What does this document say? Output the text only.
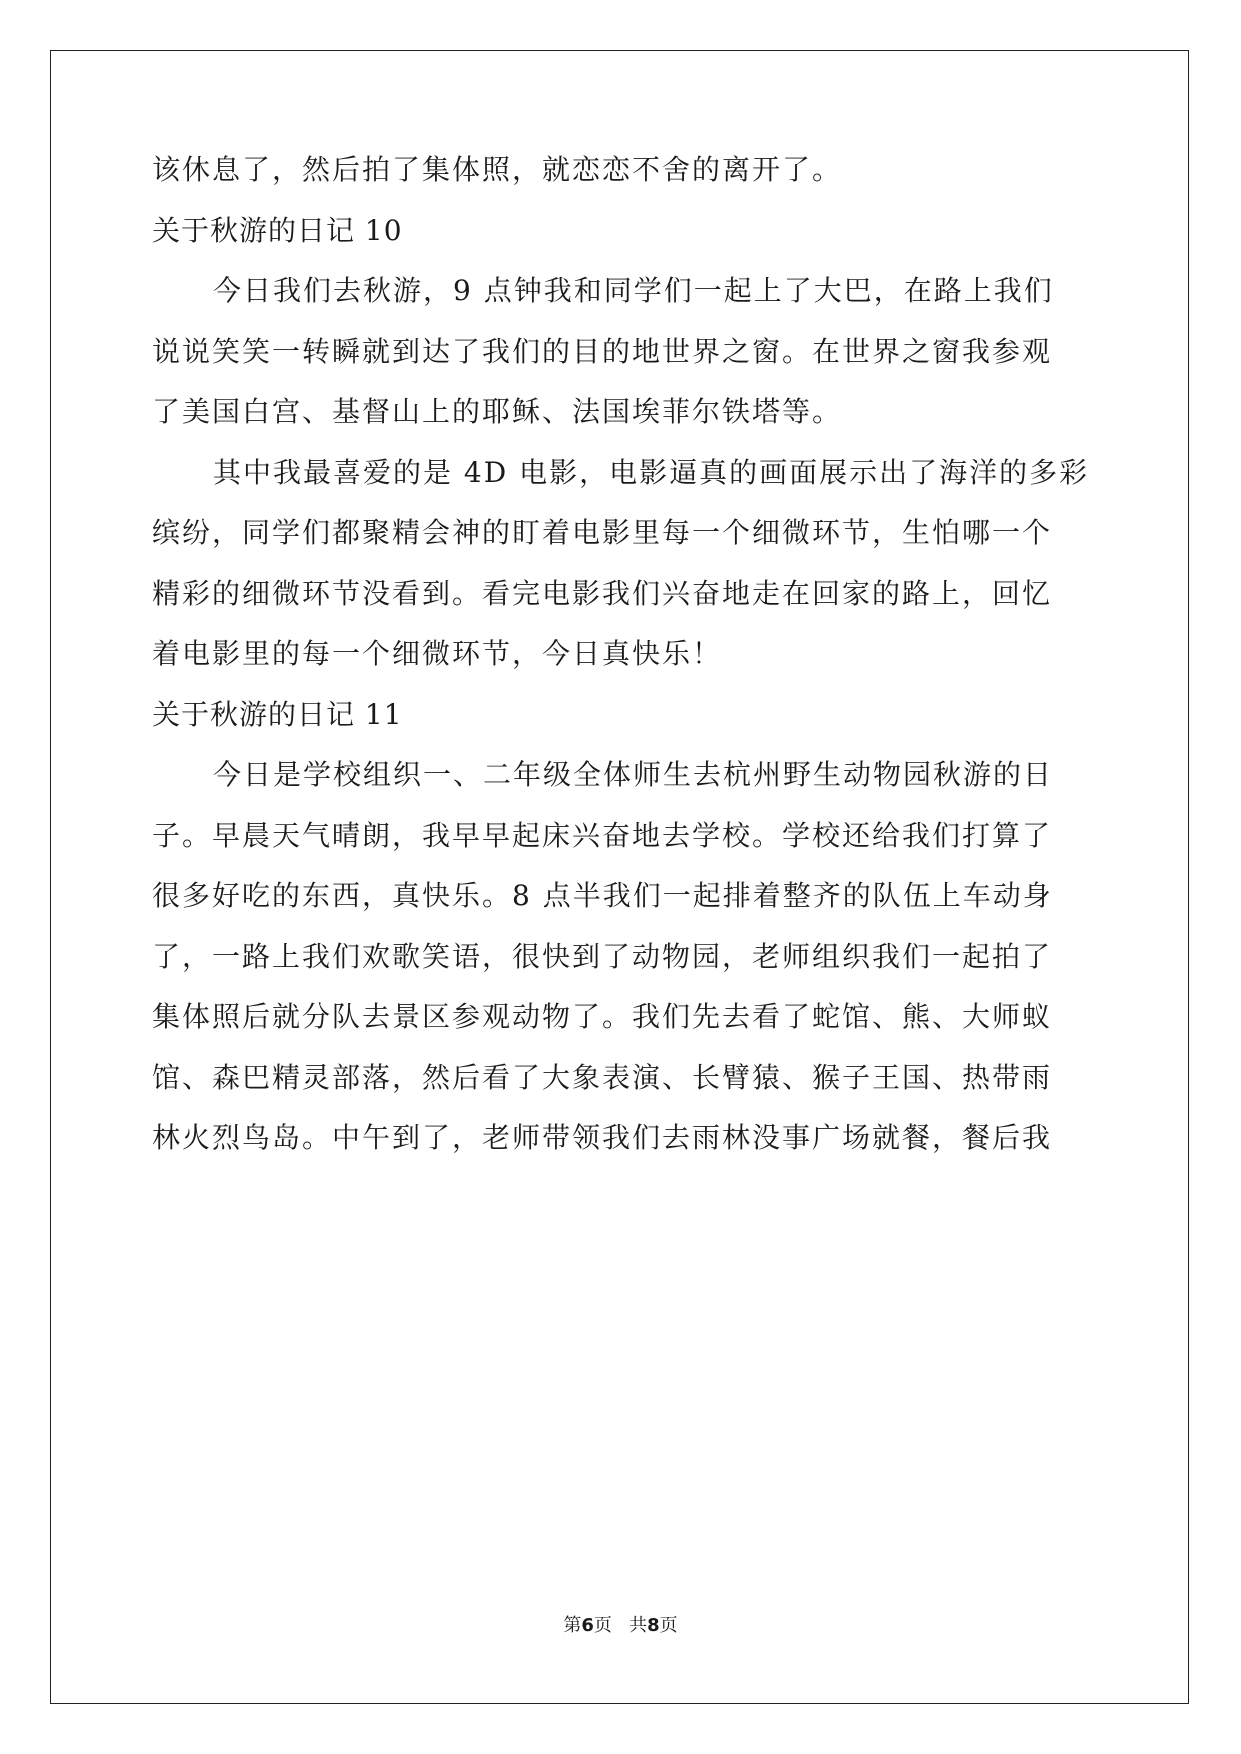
该休息了，然后拍了集体照，就恋恋不舍的离开了。
关于秋游的日记 10
今日我们去秋游，9 点钟我和同学们一起上了大巴，在路上我们
说说笑笑一转瞬就到达了我们的目的地世界之窗。在世界之窗我参观
了美国白宫、基督山上的耶稣、法国埃菲尔铁塔等。
其中我最喜爱的是 4D 电影，电影逼真的画面展示出了海洋的多彩
缤纷，同学们都聚精会神的盯着电影里每一个细微环节，生怕哪一个
精彩的细微环节没看到。看完电影我们兴奋地走在回家的路上，回忆
着电影里的每一个细微环节，今日真快乐！
关于秋游的日记 11
今日是学校组织一、二年级全体师生去杭州野生动物园秋游的日
子。早晨天气晴朗，我早早起床兴奋地去学校。学校还给我们打算了
很多好吃的东西，真快乐。8 点半我们一起排着整齐的队伍上车动身
了，一路上我们欢歌笑语，很快到了动物园，老师组织我们一起拍了
集体照后就分队去景区参观动物了。我们先去看了蛇馆、熊、大师蚁
馆、森巴精灵部落，然后看了大象表演、长臂猿、猴子王国、热带雨
林火烈鸟岛。中午到了，老师带领我们去雨林没事广场就餐，餐后我
第6页 共8页
